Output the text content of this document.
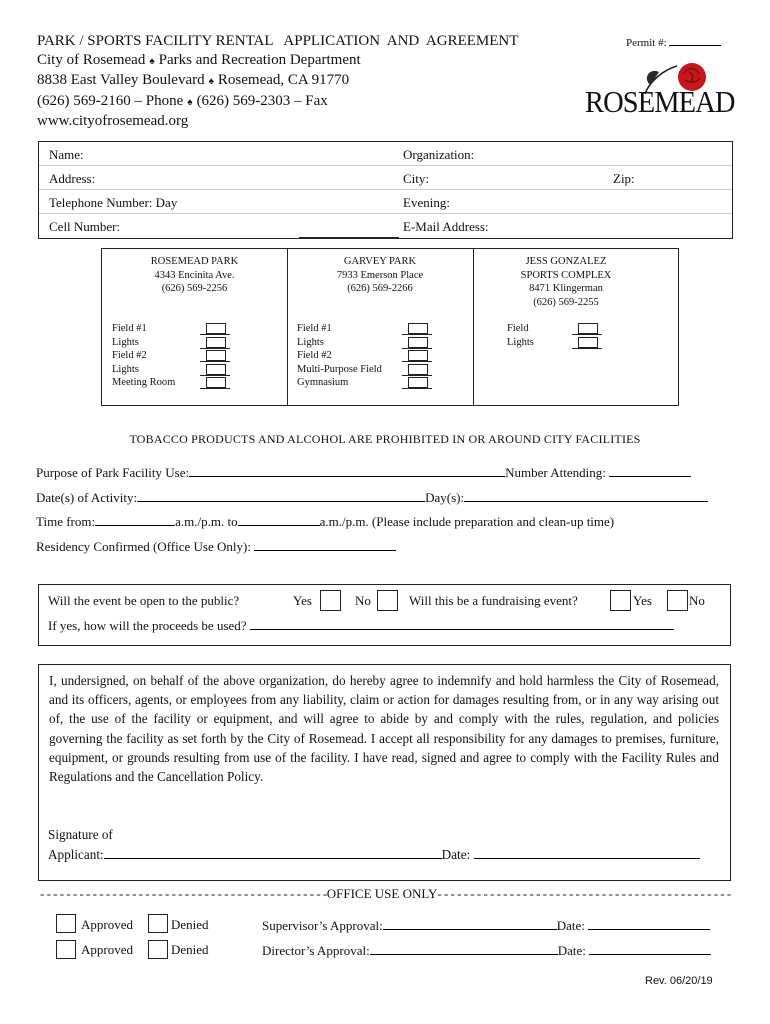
PARK / SPORTS FACILITY RENTAL   APPLICATION  AND  AGREEMENT
City of Rosemead ♠ Parks and Recreation Department
8838 East Valley Boulevard ♠ Rosemead, CA 91770
(626) 569-2160 – Phone ♠ (626) 569-2303 – Fax
www.cityofrosemead.org
Permit #:
ROSEMEAD
Name:	Organization:
Address:	City:	Zip:
Telephone Number: Day	Evening:
Cell Number:	E-Mail Address:
ROSEMEAD PARK
4343 Encinita Ave.
(626) 569-2256
Field #1
Lights
Field #2
Lights
Meeting Room
GARVEY PARK
7933 Emerson Place
(626) 569-2266
Field #1
Lights
Field #2
Multi-Purpose Field
Gymnasium
JESS GONZALEZ
SPORTS COMPLEX
8471 Klingerman
(626) 569-2255
Field
Lights
TOBACCO PRODUCTS AND ALCOHOL ARE PROHIBITED IN OR AROUND CITY FACILITIES
Purpose of Park Facility Use:	Number Attending:
Date(s) of Activity:	Day(s):
Time from:	a.m./p.m. to	a.m./p.m. (Please include preparation and clean-up time)
Residency Confirmed (Office Use Only):
Will the event be open to the public?	Yes	No	Will this be a fundraising event?	Yes	No
If yes, how will the proceeds be used?
I, undersigned, on behalf of the above organization, do hereby agree to indemnify and hold harmless the City of Rosemead, and its officers, agents, or employees from any liability, claim or action for damages resulting from, or in any way arising out of, the use of the facility or equipment, and will agree to abide by and comply with the rules, regulation, and policies governing the facility as set forth by the City of Rosemead. I accept all responsibility for any damages to premises, furniture, equipment, or grounds resulting from use of the facility. I have read, signed and agree to comply with the Facility Rules and Regulations and the Cancellation Policy.
Signature of
Applicant:	Date:
- - - - - - - - - - - - - - - - - - - - - - - - - - - - - - - - - - - - - - - - - - - -OFFICE USE ONLY- - - - - - - - - - - - - - - - - - - - - - - - - - - - - - - - - - - - - - - - - - - - -
Approved	Denied	Supervisor’s Approval:	Date:
Approved	Denied	Director’s Approval:	Date:
Rev. 06/20/19
